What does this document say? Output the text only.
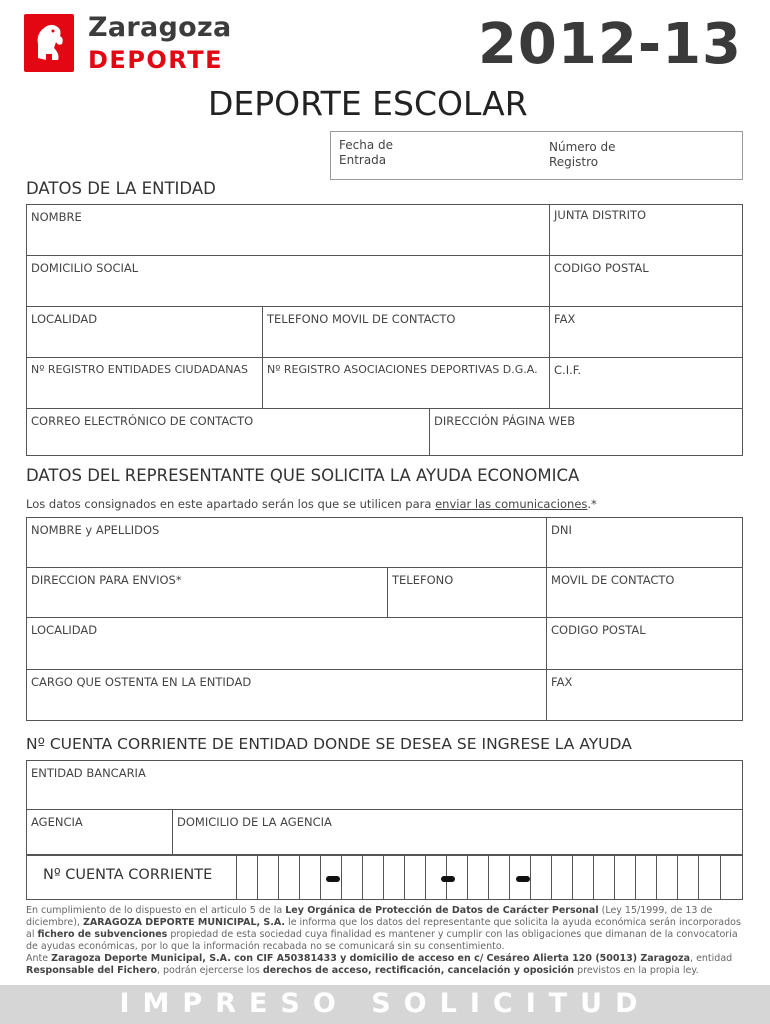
Zaragoza
DEPORTE	2012-13
DEPORTE ESCOLAR
Fecha de
Entrada
Número de
Registro
DATOS DE LA ENTIDAD
NOMBRE			JUNTA DISTRITO
DOMICILIO SOCIAL			CODIGO POSTAL
LOCALIDAD	TELEFONO MOVIL DE CONTACTO		FAX
Nº REGISTRO ENTIDADES CIUDADANAS	Nº REGISTRO ASOCIACIONES DEPORTIVAS D.G.A.		C.I.F.
CORREO ELECTRÓNICO DE CONTACTO		DIRECCIÓN PÁGINA WEB	
DATOS DEL REPRESENTANTE QUE SOLICITA LA AYUDA ECONOMICA
Los datos consignados en este apartado serán los que se utilicen para enviar las comunicaciones.*
NOMBRE y APELLIDOS		DNI
DIRECCION PARA ENVIOS*	TELEFONO	MOVIL DE CONTACTO
LOCALIDAD		CODIGO POSTAL
CARGO QUE OSTENTA EN LA ENTIDAD		FAX
Nº CUENTA CORRIENTE DE ENTIDAD DONDE SE DESEA SE INGRESE LA AYUDA
ENTIDAD BANCARIA
AGENCIA	DOMICILIO DE LA AGENCIA
Nº CUENTA CORRIENTE																								
En cumplimiento de lo dispuesto en el articulo 5 de la Ley Orgánica de Protección de Datos de Carácter Personal (Ley 15/1999, de 13 de diciembre), ZARAGOZA DEPORTE MUNICIPAL, S.A. le informa que los datos del representante que solicita la ayuda económica serán incorporados al fichero de subvenciones propiedad de esta sociedad cuya finalidad es mantener y cumplir con las obligaciones que dimanan de la convocatoria de ayudas económicas, por lo que la información recabada no se comunicará sin su consentimiento.
Ante Zaragoza Deporte Municipal, S.A. con CIF A50381433 y domicilio de acceso en c/ Cesáreo Alierta 120 (50013) Zaragoza, entidad Responsable del Fichero, podrán ejercerse los derechos de acceso, rectificación, cancelación y oposición previstos en la propia ley.
IMPRESO SOLICITUD
